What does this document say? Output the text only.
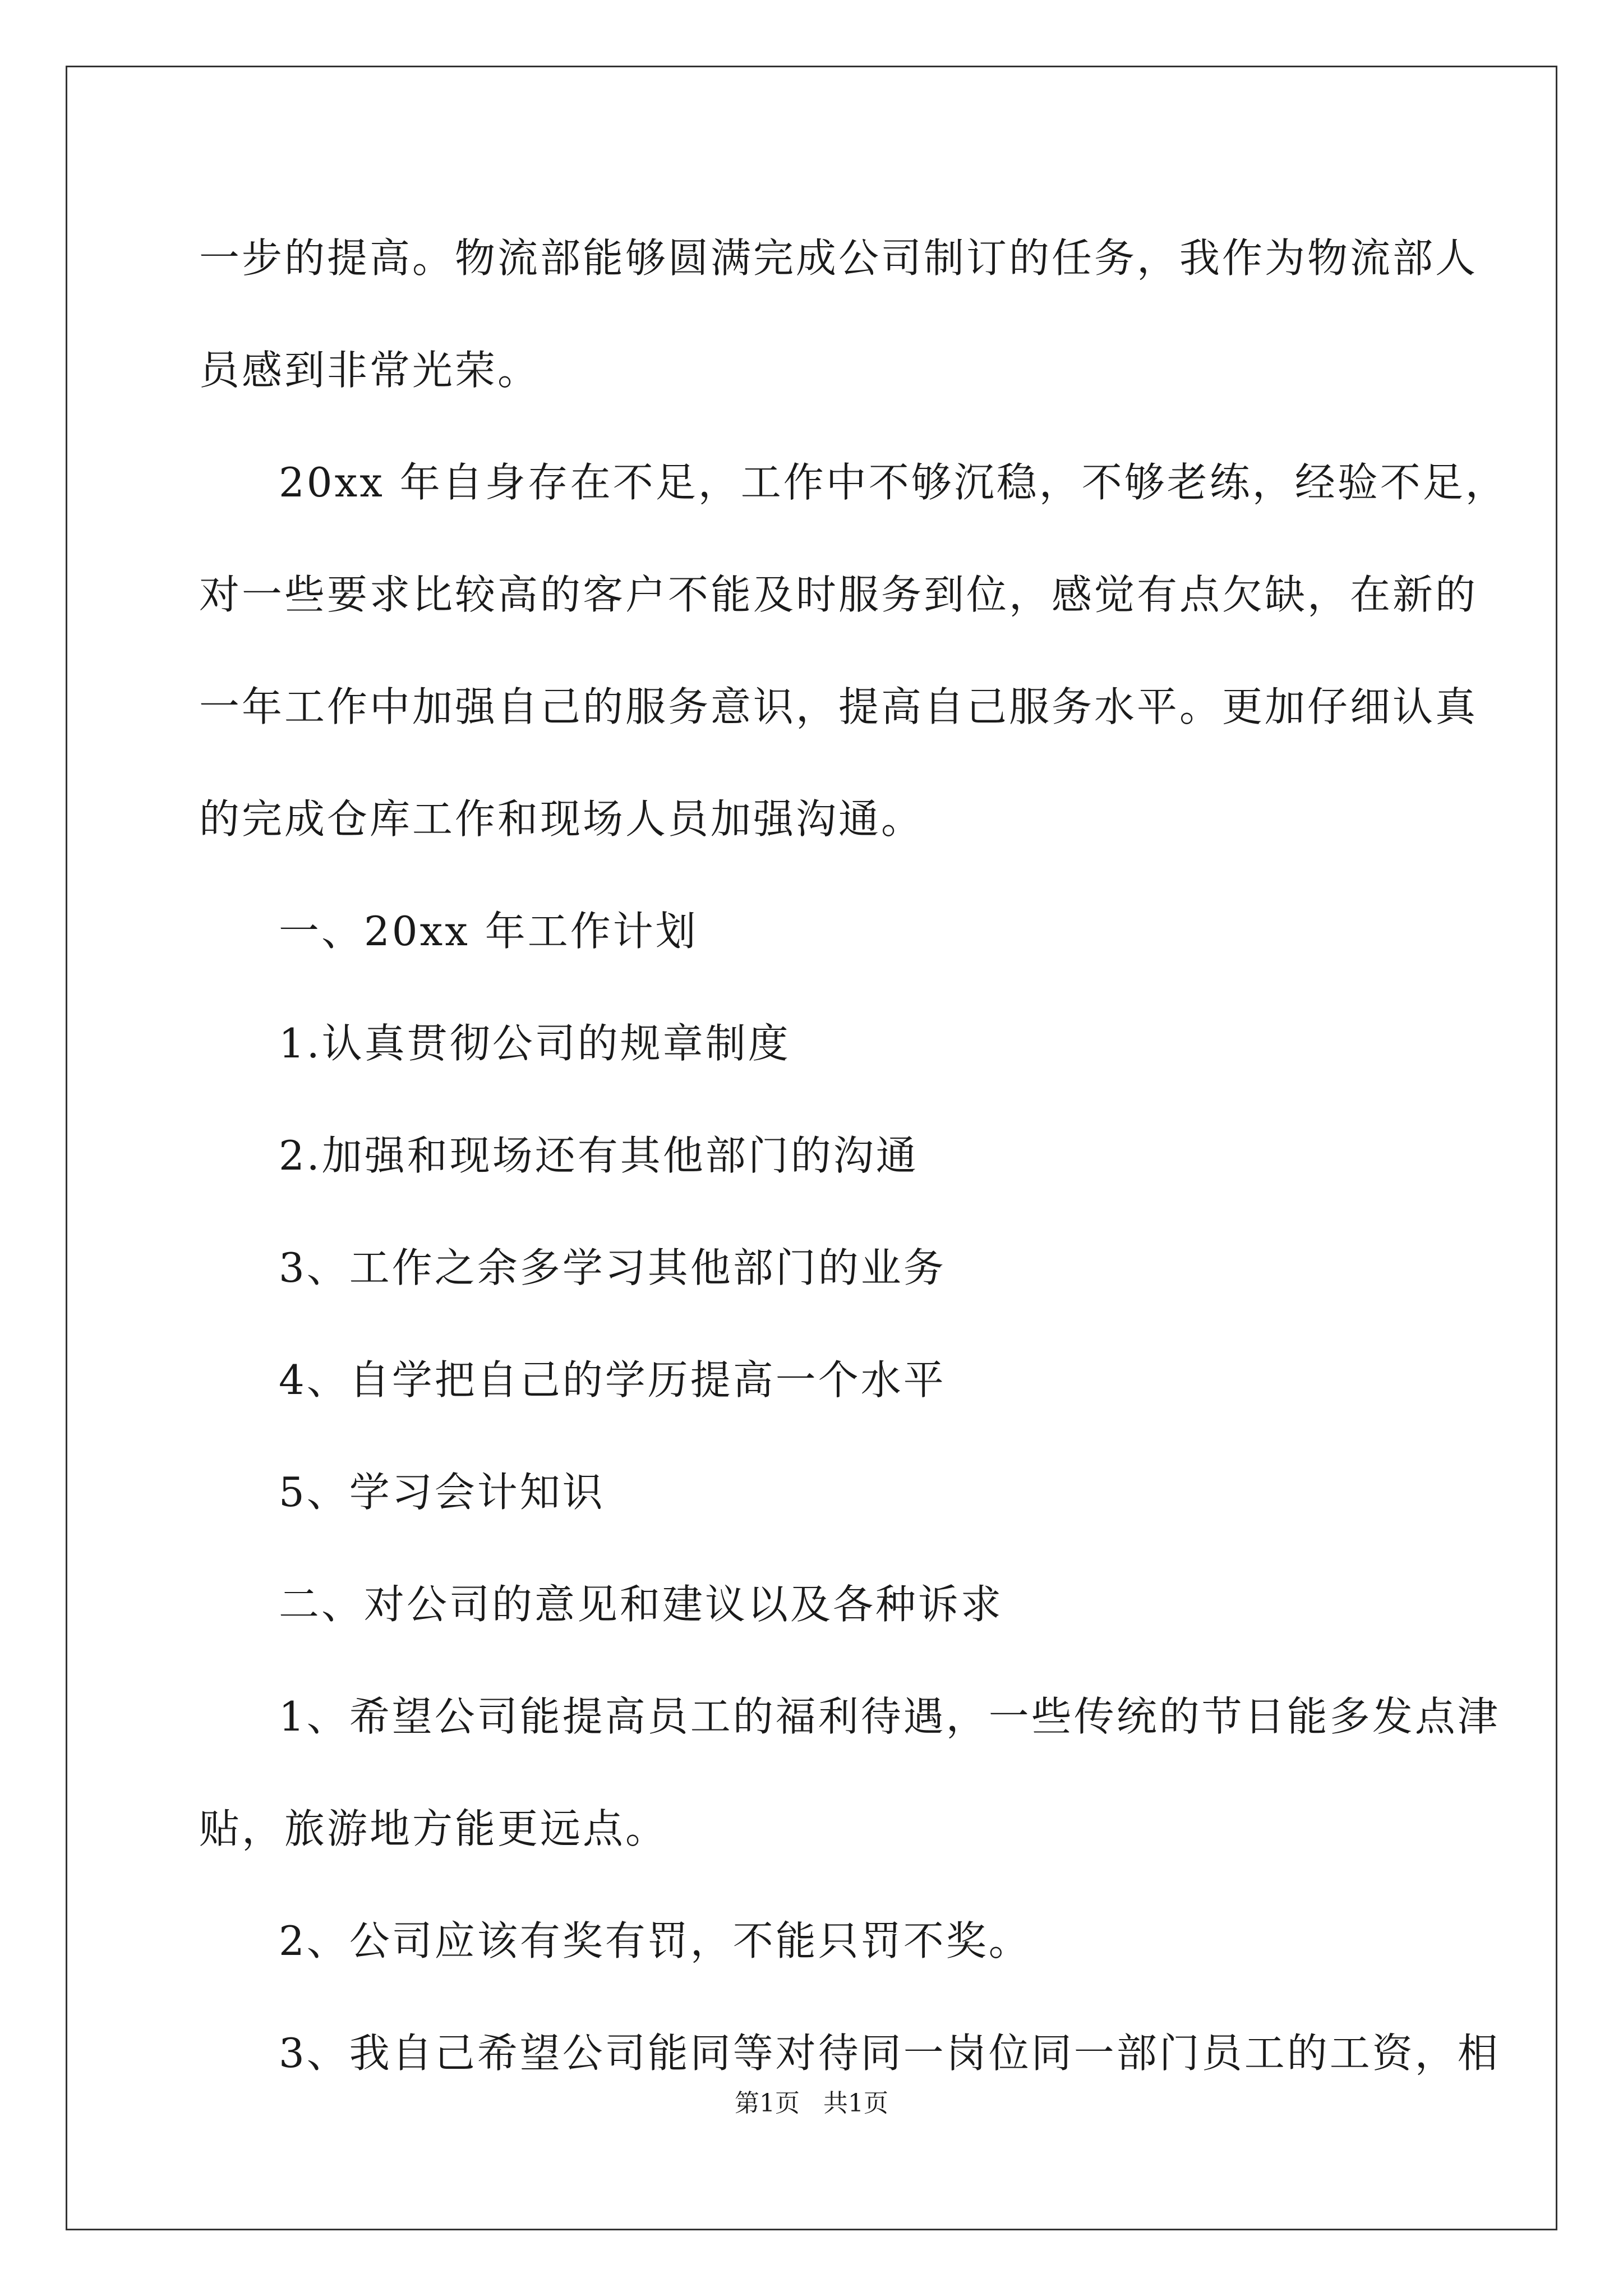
一步的提高。物流部能够圆满完成公司制订的任务，我作为物流部人
员感到非常光荣。
20xx 年自身存在不足，工作中不够沉稳，不够老练，经验不足，
对一些要求比较高的客户不能及时服务到位，感觉有点欠缺，在新的
一年工作中加强自己的服务意识，提高自己服务水平。更加仔细认真
的完成仓库工作和现场人员加强沟通。
一、20xx 年工作计划
1.认真贯彻公司的规章制度
2.加强和现场还有其他部门的沟通
3、工作之余多学习其他部门的业务
4、自学把自己的学历提高一个水平
5、学习会计知识
二、对公司的意见和建议以及各种诉求
1、希望公司能提高员工的福利待遇，一些传统的节日能多发点津
贴，旅游地方能更远点。
2、公司应该有奖有罚，不能只罚不奖。
3、我自己希望公司能同等对待同一岗位同一部门员工的工资，相
第1页   共1页
